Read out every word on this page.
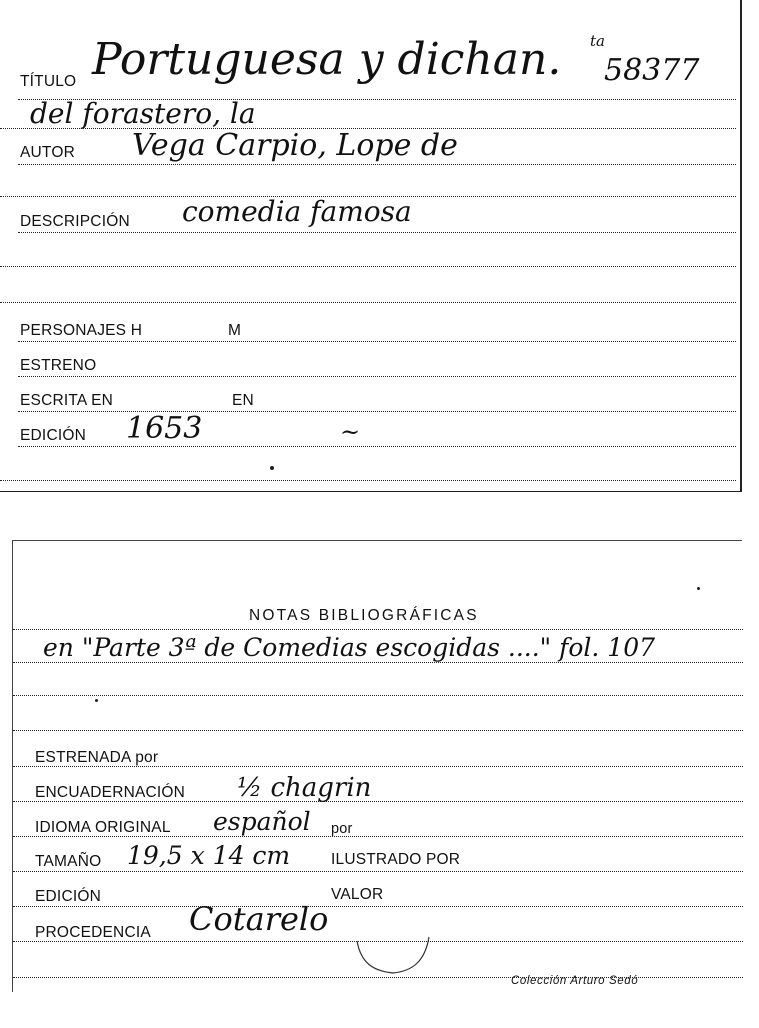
TÍTULO Portuguesa y dichan. ta
58377
del forastero, la
AUTOR Vega Carpio, Lope de
DESCRIPCIÓN comedia famosa
PERSONAJES H	M
ESTRENO
ESCRITA EN	EN
EDICIÓN 1653	~
NOTAS BIBLIOGRÁFICAS
en "Parte 3ª de Comedias escogidas ...." fol. 107
ESTRENADA por
ENCUADERNACIÓN ½ chagrin
IDIOMA ORIGINAL español por
TAMAÑO 19,5 x 14 cm	ILUSTRADO POR
EDICIÓN	VALOR
PROCEDENCIA Cotarelo
Colección Arturo Sedó
